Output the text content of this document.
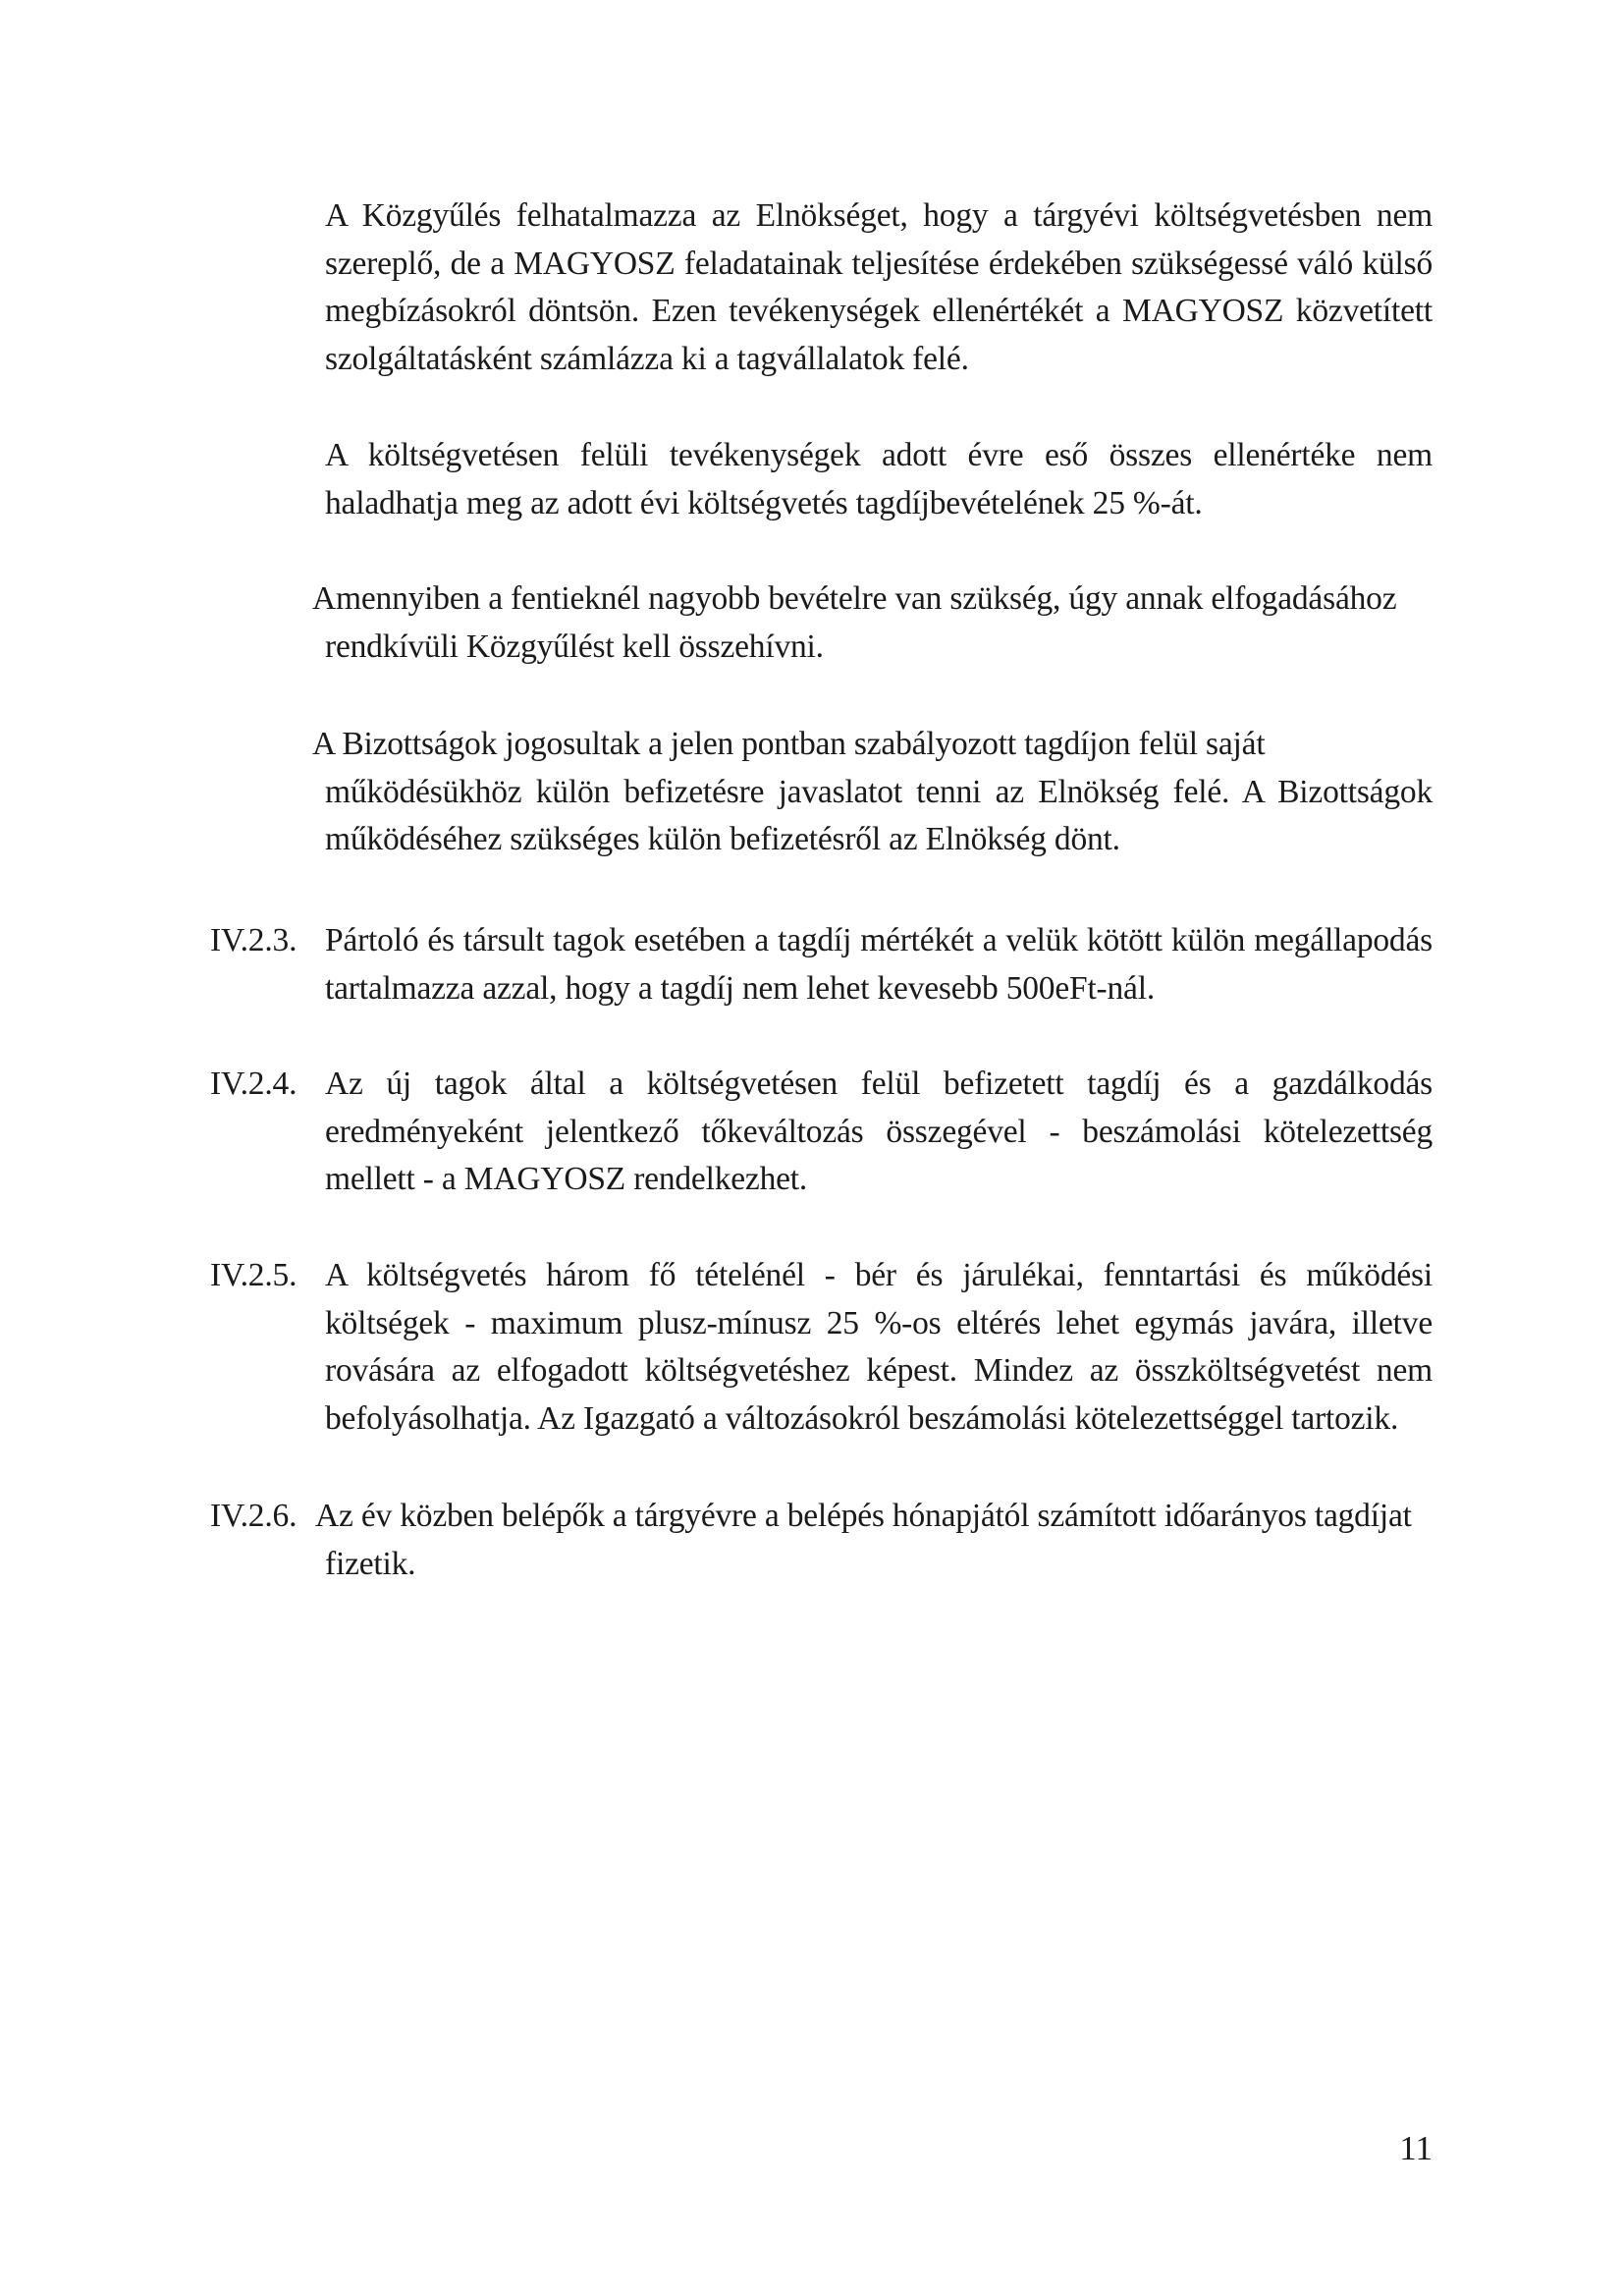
A Közgyűlés felhatalmazza az Elnökséget, hogy a tárgyévi költségvetésben nem szereplő, de a MAGYOSZ feladatainak teljesítése érdekében szükségessé váló külső megbízásokról döntsön. Ezen tevékenységek ellenértékét a MAGYOSZ közvetített szolgáltatásként számlázza ki a tagvállalatok felé.
A költségvetésen felüli tevékenységek adott évre eső összes ellenértéke nem haladhatja meg az adott évi költségvetés tagdíjbevételének 25 %-át.
Amennyiben a fentieknél nagyobb bevételre van szükség, úgy annak elfogadásához
rendkívüli Közgyűlést kell összehívni.
A Bizottságok jogosultak a jelen pontban szabályozott tagdíjon felül saját
működésükhöz külön befizetésre javaslatot tenni az Elnökség felé. A Bizottságok működéséhez szükséges külön befizetésről az Elnökség dönt.
IV.2.3. Pártoló és társult tagok esetében a tagdíj mértékét a velük kötött külön megállapodás tartalmazza azzal, hogy a tagdíj nem lehet kevesebb 500eFt-nál.
IV.2.4. Az új tagok által a költségvetésen felül befizetett tagdíj és a gazdálkodás eredményeként jelentkező tőkeváltozás összegével - beszámolási kötelezettség mellett - a MAGYOSZ rendelkezhet.
IV.2.5. A költségvetés három fő tételénél - bér és járulékai, fenntartási és működési költségek - maximum plusz-mínusz 25 %-os eltérés lehet egymás javára, illetve rovására az elfogadott költségvetéshez képest. Mindez az összköltségvetést nem befolyásolhatja. Az Igazgató a változásokról beszámolási kötelezettséggel tartozik.
IV.2.6. Az év közben belépők a tárgyévre a belépés hónapjától számított időarányos tagdíjat
fizetik.
11
